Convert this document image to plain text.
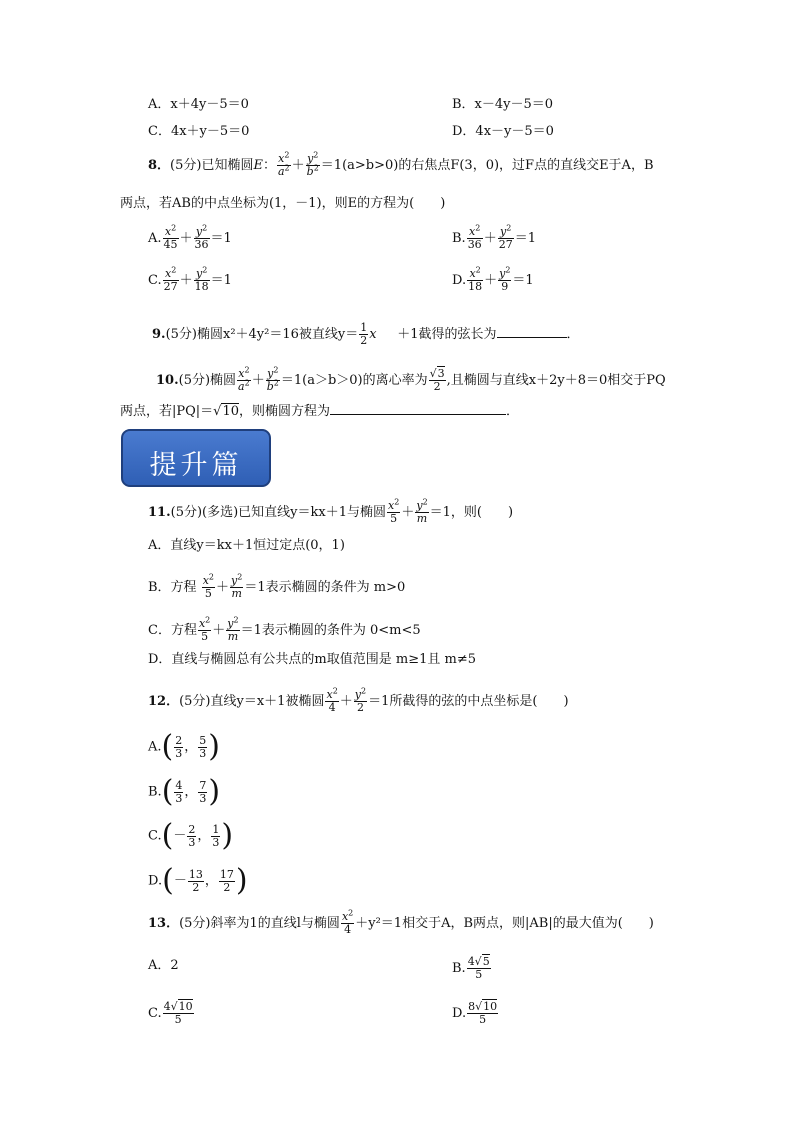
A．x＋4y－5＝0	B．x－4y－5＝0
C．4x＋y－5＝0	D．4x－y－5＝0
8．(5分)已知椭圆E： $\frac{x^2}{a^2} + \frac{y^2}{b^2} =1(a>b>0)$的右焦点F(3，0)，过F点的直线交E于A，B
两点，若AB的中点坐标为(1，－1)，则E的方程为(　　)
A. $\frac{x^2}{45} + \frac{y^2}{36} =1$	B. $\frac{x^2}{36} + \frac{y^2}{27} =1$
C. $\frac{x^2}{27} + \frac{y^2}{18} =1$	D. $\frac{x^2}{18} + \frac{y^2}{9} =1$
9.(5分)椭圆x²＋4y²＝16被直线$y= \frac{1}{2}$ x ＋1截得的弦长为	．
10.(5分)椭圆 $\frac{x^2}{a^2} + \frac{y^2}{b^2} =1(a>b>0)$的离心率为 $\frac{√3}{2}$ ,且椭圆与直线x＋2y＋8＝0相交于PQ
两点，若|PQ|＝√10，则椭圆方程为	．
提升篇
11.(5分)(多选)已知直线y＝kx＋1与椭圆 $\frac{x^2}{5} + \frac{y^2}{m} =1$，则(　　)
A．直线y＝kx＋1恒过定点(0，1)
B．方程 $\frac{x^2}{5} + \frac{y^2}{m} =1$表示椭圆的条件为 m>0
C．方程 $\frac{x^2}{5} + \frac{y^2}{m} =1$表示椭圆的条件为 0<m<5
D．直线与椭圆总有公共点的m取值范围是 m≥1且 m≠5
12．(5分)直线y＝x＋1被椭圆 $\frac{x^2}{4} + \frac{y^2}{2} =1$所截得的弦的中点坐标是(　　)
$A.( \frac{2}{3}$ ， $\frac{5}{3}$ )
$B.( \frac{4}{3}$ ， $\frac{7}{3}$ )
$C.(- \frac{2}{3}$ ， $\frac{1}{3}$ )
$D.(- \frac{13}{2}$ ， $\frac{17}{2}$ )
13．(5分)斜率为1的直线l与椭圆 $\frac{x^2}{4} +y^2=1$相交于A，B两点，则|AB|的最大值为(　　)
A．2	B. $\frac{4√5}{5}$
C. $\frac{4√10}{5}$	D. $\frac{8√10}{5}$
